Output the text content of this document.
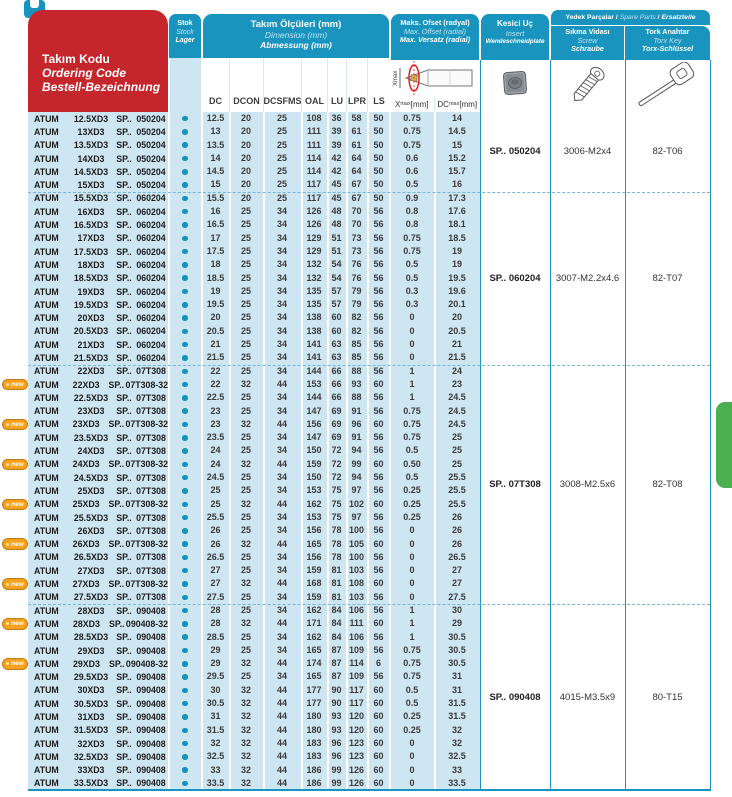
Takım Kodu
Ordering Code
Bestell-Bezeichnung
Stok
Stock
Lager
Takım Ölçüleri (mm)
Dimension (mm)
Abmessung (mm)
DC	DCON DCSFMS OAL LU LPR LS
Maks. Ofset (radyal)
Max. Offset (radial)
Max. Versatz (radial)
Xmax
X max [mm] DC max [mm]
Kesici Uç
Insert
Wendeschneidplate
Yedek Parçalar / Spare Parts / Ersatzteile
Sıkma Vidası
Screw
Schraube
Tork Anahtar
Torx Key
Torx-Schlüssel
ATUM	12.5XD3 SP.. 050204	12.5	20	25	108	36	58	50	0.75	14
ATUM	13XD3	SP.. 050204	13	20	25	111	39	61	50	0.75	14.5
ATUM	13.5XD3 SP.. 050204	13.5	20	25	111	39	61	50	0.75	15
ATUM	14XD3	SP.. 050204	14	20	25	114	42	64	50	0.6	15.2
ATUM	14.5XD3 SP.. 050204	14.5	20	25	114	42	64	50	0.6	15.7
ATUM	15XD3	SP.. 050204	15	20	25	117	45	67	50	0.5	16
ATUM	15.5XD3 SP.. 060204	15.5	20	25	117	45	67	50	0.9	17.3
ATUM	16XD3	SP.. 060204	16	25	34	126	48	70	56	0.8	17.6
ATUM	16.5XD3 SP.. 060204	16.5	25	34	126	48	70	56	0.8	18.1
ATUM	17XD3	SP.. 060204	17	25	34	129	51	73	56	0.75	18.5
ATUM	17.5XD3 SP.. 060204	17.5	25	34	129	51	73	56	0.75	19
ATUM	18XD3	SP.. 060204	18	25	34	132	54	76	56	0.5	19
ATUM	18.5XD3 SP.. 060204	18.5	25	34	132	54	76	56	0.5	19.5
ATUM	19XD3	SP.. 060204	19	25	34	135	57	79	56	0.3	19.6
ATUM	19.5XD3 SP.. 060204	19.5	25	34	135	57	79	56	0.3	20.1
ATUM	20XD3	SP.. 060204	20	25	34	138	60	82	56	0	20
ATUM	20.5XD3 SP.. 060204	20.5	25	34	138	60	82	56	0	20.5
ATUM	21XD3	SP.. 060204	21	25	34	141	63	85	56	0	21
ATUM	21.5XD3 SP.. 060204	21.5	25	34	141	63	85	56	0	21.5
ATUM	22XD3	SP.. 07T308	22	25	34	144	66	88	56	1	24
new ATUM	22XD3	SP.. 07T308-32	22	32	44	153	66	93	60	1	23
ATUM	22.5XD3 SP.. 07T308	22.5	25	34	144	66	88	56	1	24.5
ATUM	23XD3	SP.. 07T308	23	25	34	147	69	91	56	0.75	24.5
new ATUM	23XD3	SP.. 07T308-32	23	32	44	156	69	96	60	0.75	24.5
ATUM	23.5XD3 SP.. 07T308	23.5	25	34	147	69	91	56	0.75	25
ATUM	24XD3	SP.. 07T308	24	25	34	150	72	94	56	0.5	25
new ATUM	24XD3	SP.. 07T308-32	24	32	44	159	72	99	60	0.50	25
ATUM	24.5XD3 SP.. 07T308	24.5	25	34	150	72	94	56	0.5	25.5
ATUM	25XD3	SP.. 07T308	25	25	34	153	75	97	56	0.25	25.5
new ATUM	25XD3	SP.. 07T308-32	25	32	44	162	75 102	60	0.25	25.5
ATUM	25.5XD3 SP.. 07T308	25.5	25	34	153	75	97	56	0.25	26
ATUM	26XD3	SP.. 07T308	26	25	34	156	78 100	56	0	26
new ATUM	26XD3	SP.. 07T308-32	26	32	44	165	78 105	60	0	26
ATUM	26.5XD3 SP.. 07T308	26.5	25	34	156	78 100	56	0	26.5
ATUM	27XD3	SP.. 07T308	27	25	34	159	81 103	56	0	27
new ATUM	27XD3	SP.. 07T308-32	27	32	44	168	81 108	60	0	27
ATUM	27.5XD3 SP.. 07T308	27.5	25	34	159	81 103	56	0	27.5
ATUM	28XD3	SP.. 090408	28	25	34	162	84 106	56	1	30
new ATUM	28XD3	SP.. 090408-32	28	32	44	171	84 111	60	1	29
ATUM	28.5XD3 SP.. 090408	28.5	25	34	162	84 106	56	1	30.5
ATUM	29XD3	SP.. 090408	29	25	34	165	87 109	56	0.75	30.5
new ATUM	29XD3	SP.. 090408-32	29	32	44	174	87 114	6	0.75	30.5
ATUM	29.5XD3 SP.. 090408	29.5	25	34	165	87 109	56	0.75	31
ATUM	30XD3	SP.. 090408	30	32	44	177	90 117	60	0.5	31
ATUM	30.5XD3 SP.. 090408	30.5	32	44	177	90 117	60	0.5	31.5
ATUM	31XD3	SP.. 090408	31	32	44	180	93 120	60	0.25	31.5
ATUM	31.5XD3 SP.. 090408	31.5	32	44	180	93 120	60	0.25	32
ATUM	32XD3	SP.. 090408	32	32	44	183	96 123	60	0	32
ATUM	32.5XD3 SP.. 090408	32.5	32	44	183	96 123	60	0	32.5
ATUM	33XD3	SP.. 090408	33	32	44	186	99 126	60	0	33
ATUM	33.5XD3 SP.. 090408	33.5	32	44	186	99 126	60	0	33.5
SP.. 050204	3006-M2x4	82-T06
SP.. 060204	3007-M2.2x4.6	82-T07
SP.. 07T308	3008-M2.5x6	82-T08
SP.. 090408	4015-M3.5x9	80-T15
